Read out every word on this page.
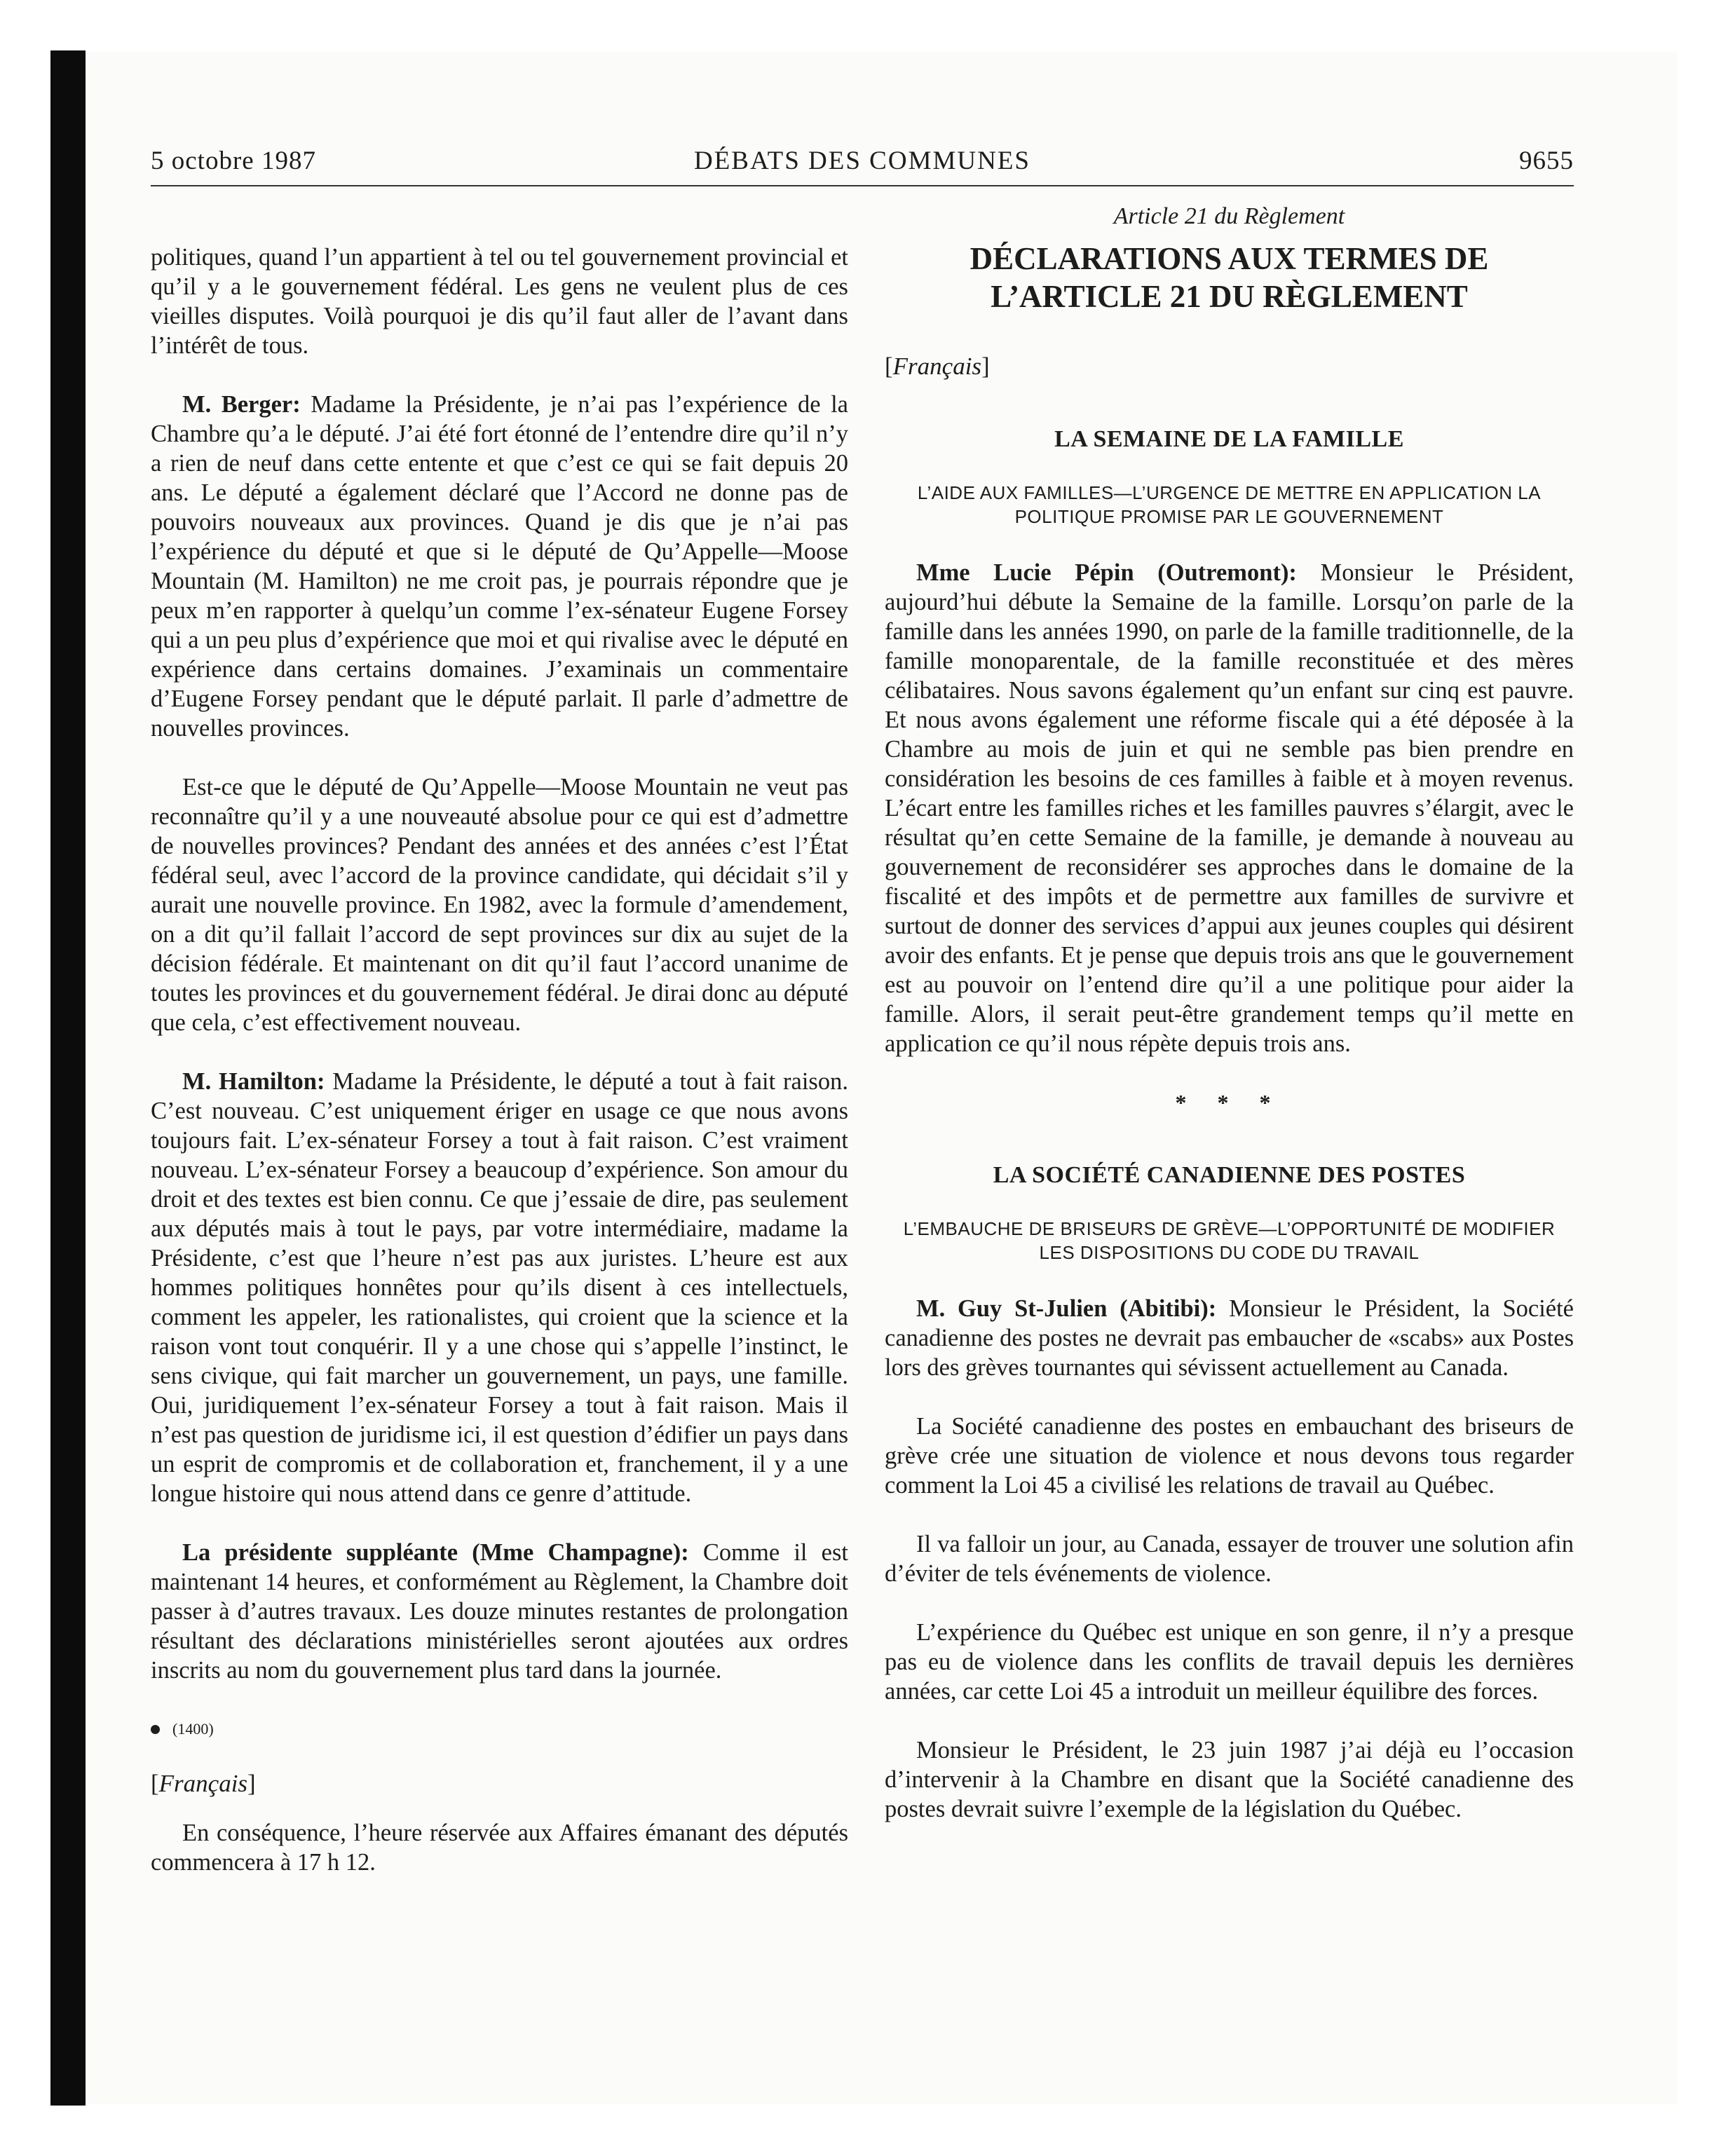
5 octobre 1987	DÉBATS DES COMMUNES	9655

politiques, quand l’un appartient à tel ou tel gouvernement provincial et qu’il y a le gouvernement fédéral. Les gens ne veulent plus de ces vieilles disputes. Voilà pourquoi je dis qu’il faut aller de l’avant dans l’intérêt de tous.

M. Berger: Madame la Présidente, je n’ai pas l’expérience de la Chambre qu’a le député. J’ai été fort étonné de l’entendre dire qu’il n’y a rien de neuf dans cette entente et que c’est ce qui se fait depuis 20 ans. Le député a également déclaré que l’Accord ne donne pas de pouvoirs nouveaux aux provinces. Quand je dis que je n’ai pas l’expérience du député et que si le député de Qu’Appelle—Moose Mountain (M. Hamilton) ne me croit pas, je pourrais répondre que je peux m’en rapporter à quelqu’un comme l’ex-sénateur Eugene Forsey qui a un peu plus d’expérience que moi et qui rivalise avec le député en expérience dans certains domaines. J’examinais un commentaire d’Eugene Forsey pendant que le député parlait. Il parle d’admettre de nouvelles provinces.

Est-ce que le député de Qu’Appelle—Moose Mountain ne veut pas reconnaître qu’il y a une nouveauté absolue pour ce qui est d’admettre de nouvelles provinces? Pendant des années et des années c’est l’État fédéral seul, avec l’accord de la province candidate, qui décidait s’il y aurait une nouvelle province. En 1982, avec la formule d’amendement, on a dit qu’il fallait l’accord de sept provinces sur dix au sujet de la décision fédérale. Et maintenant on dit qu’il faut l’accord unanime de toutes les provinces et du gouvernement fédéral. Je dirai donc au député que cela, c’est effectivement nouveau.

M. Hamilton: Madame la Présidente, le député a tout à fait raison. C’est nouveau. C’est uniquement ériger en usage ce que nous avons toujours fait. L’ex-sénateur Forsey a tout à fait raison. C’est vraiment nouveau. L’ex-sénateur Forsey a beaucoup d’expérience. Son amour du droit et des textes est bien connu. Ce que j’essaie de dire, pas seulement aux députés mais à tout le pays, par votre intermédiaire, madame la Présidente, c’est que l’heure n’est pas aux juristes. L’heure est aux hommes politiques honnêtes pour qu’ils disent à ces intellectuels, comment les appeler, les rationalistes, qui croient que la science et la raison vont tout conquérir. Il y a une chose qui s’appelle l’instinct, le sens civique, qui fait marcher un gouvernement, un pays, une famille. Oui, juridiquement l’ex-sénateur Forsey a tout à fait raison. Mais il n’est pas question de juridisme ici, il est question d’édifier un pays dans un esprit de compromis et de collaboration et, franchement, il y a une longue histoire qui nous attend dans ce genre d’attitude.

La présidente suppléante (Mme Champagne): Comme il est maintenant 14 heures, et conformément au Règlement, la Chambre doit passer à d’autres travaux. Les douze minutes restantes de prolongation résultant des déclarations ministérielles seront ajoutées aux ordres inscrits au nom du gouvernement plus tard dans la journée.

(1400)
[Français]

En conséquence, l’heure réservée aux Affaires émanant des députés commencera à 17 h 12.

Article 21 du Règlement
DÉCLARATIONS AUX TERMES DE L’ARTICLE 21 DU RÈGLEMENT
[Français]
LA SEMAINE DE LA FAMILLE
L’AIDE AUX FAMILLES—L’URGENCE DE METTRE EN APPLICATION LA POLITIQUE PROMISE PAR LE GOUVERNEMENT

Mme Lucie Pépin (Outremont): Monsieur le Président, aujourd’hui débute la Semaine de la famille. Lorsqu’on parle de la famille dans les années 1990, on parle de la famille traditionnelle, de la famille monoparentale, de la famille reconstituée et des mères célibataires. Nous savons également qu’un enfant sur cinq est pauvre. Et nous avons également une réforme fiscale qui a été déposée à la Chambre au mois de juin et qui ne semble pas bien prendre en considération les besoins de ces familles à faible et à moyen revenus. L’écart entre les familles riches et les familles pauvres s’élargit, avec le résultat qu’en cette Semaine de la famille, je demande à nouveau au gouvernement de reconsidérer ses approches dans le domaine de la fiscalité et des impôts et de permettre aux familles de survivre et surtout de donner des services d’appui aux jeunes couples qui désirent avoir des enfants. Et je pense que depuis trois ans que le gouvernement est au pouvoir on l’entend dire qu’il a une politique pour aider la famille. Alors, il serait peut-être grandement temps qu’il mette en application ce qu’il nous répète depuis trois ans.

* * *
LA SOCIÉTÉ CANADIENNE DES POSTES
L’EMBAUCHE DE BRISEURS DE GRÈVE—L’OPPORTUNITÉ DE MODIFIER LES DISPOSITIONS DU CODE DU TRAVAIL

M. Guy St-Julien (Abitibi): Monsieur le Président, la Société canadienne des postes ne devrait pas embaucher de «scabs» aux Postes lors des grèves tournantes qui sévissent actuellement au Canada.

La Société canadienne des postes en embauchant des briseurs de grève crée une situation de violence et nous devons tous regarder comment la Loi 45 a civilisé les relations de travail au Québec.

Il va falloir un jour, au Canada, essayer de trouver une solution afin d’éviter de tels événements de violence.

L’expérience du Québec est unique en son genre, il n’y a presque pas eu de violence dans les conflits de travail depuis les dernières années, car cette Loi 45 a introduit un meilleur équilibre des forces.

Monsieur le Président, le 23 juin 1987 j’ai déjà eu l’occasion d’intervenir à la Chambre en disant que la Société canadienne des postes devrait suivre l’exemple de la législation du Québec.
